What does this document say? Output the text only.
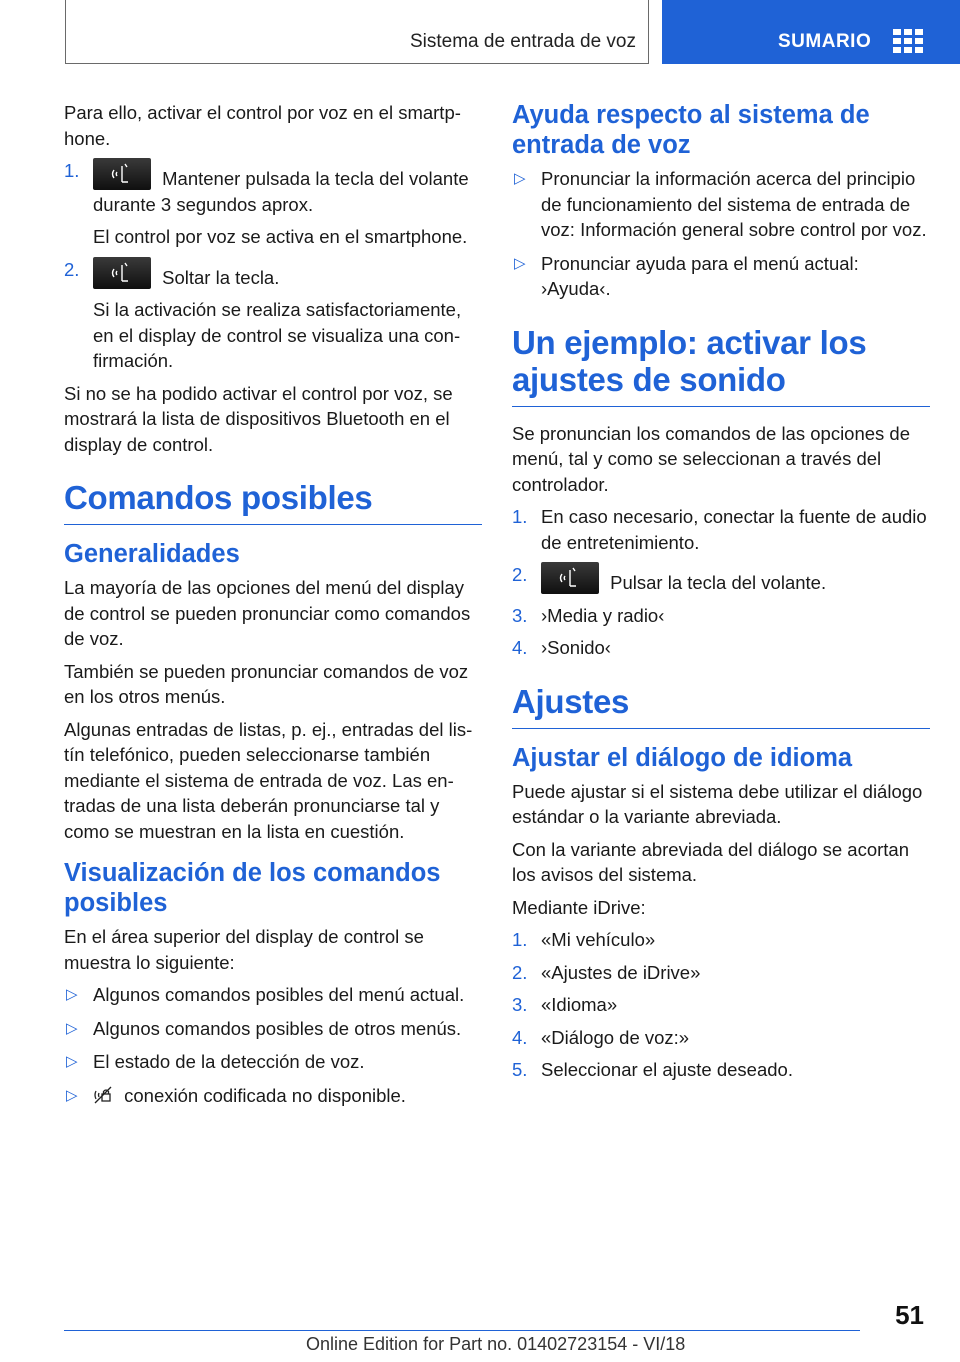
Sistema de entrada de voz	SUMARIO

Para ello, activar el control por voz en el smartphone.

1.	Mantener pulsada la tecla del volante durante 3 segundos aprox.

El control por voz se activa en el smartphone.

2.	Soltar la tecla.

Si la activación se realiza satisfactoriamente, en el display de control se visualiza una confirmación.

Si no se ha podido activar el control por voz, se mostrará la lista de dispositivos Bluetooth en el display de control.

Comandos posibles
Generalidades

La mayoría de las opciones del menú del display de control se pueden pronunciar como comandos de voz.

También se pueden pronunciar comandos de voz en los otros menús.

Algunas entradas de listas, p. ej., entradas del listín telefónico, pueden seleccionarse también mediante el sistema de entrada de voz. Las entradas de una lista deberán pronunciarse tal y como se muestran en la lista en cuestión.

Visualización de los comandos posibles

En el área superior del display de control se muestra lo siguiente:

▷ Algunos comandos posibles del menú actual.
▷ Algunos comandos posibles de otros menús.
▷ El estado de la detección de voz.
▷	conexión codificada no disponible.
Ayuda respecto al sistema de entrada de voz
▷ Pronunciar la información acerca del principio de funcionamiento del sistema de entrada de voz: Información general sobre control por voz.
▷ Pronunciar ayuda para el menú actual: ›Ayuda‹.
Un ejemplo: activar los ajustes de sonido

Se pronuncian los comandos de las opciones de menú, tal y como se seleccionan a través del controlador.

1. En caso necesario, conectar la fuente de audio de entretenimiento.
2.	Pulsar la tecla del volante.
3. ›Media y radio‹
4. ›Sonido‹
Ajustes
Ajustar el diálogo de idioma

Puede ajustar si el sistema debe utilizar el diálogo estándar o la variante abreviada.

Con la variante abreviada del diálogo se acortan los avisos del sistema.

Mediante iDrive:

1. «Mi vehículo»
2. «Ajustes de iDrive»
3. «Idioma»
4. «Diálogo de voz:»
5. Seleccionar el ajuste deseado.
51
Online Edition for Part no. 01402723154 - VI/18
